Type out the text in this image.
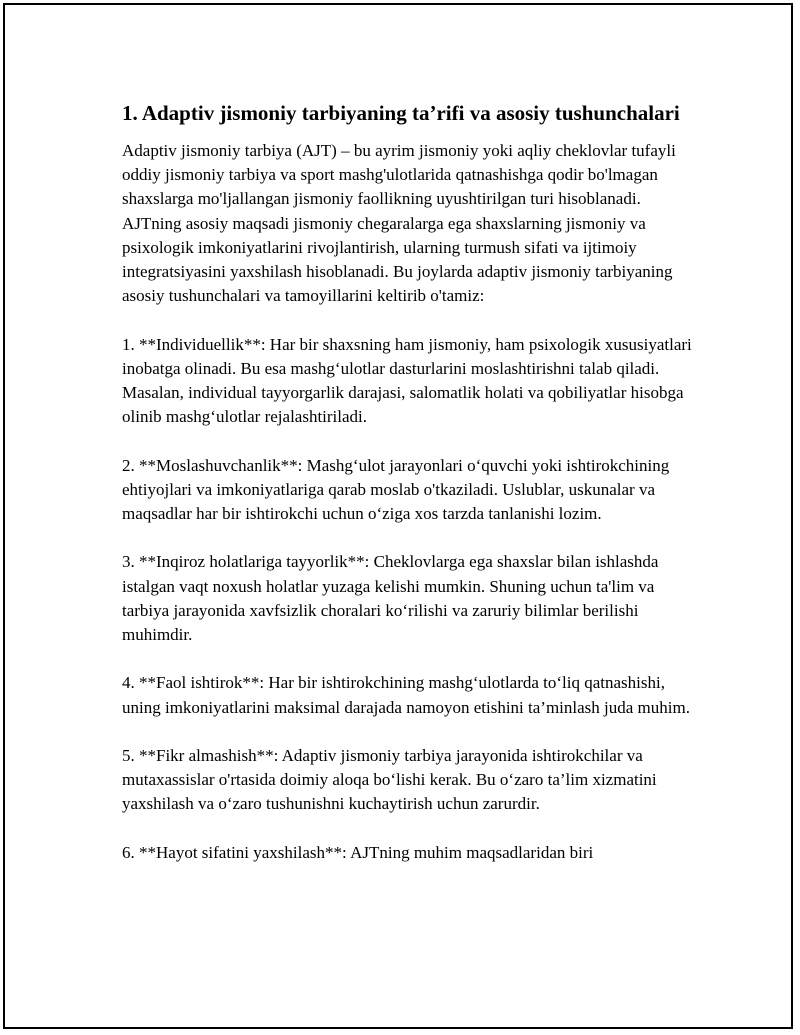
1. Adaptiv jismoniy tarbiyaning ta’rifi va asosiy tushunchalari

Adaptiv jismoniy tarbiya (AJT) – bu ayrim jismoniy yoki aqliy cheklovlar tufayli oddiy jismoniy tarbiya va sport mashg'ulotlarida qatnashishga qodir bo'lmagan shaxslarga mo'ljallangan jismoniy faollikning uyushtirilgan turi hisoblanadi. AJTning asosiy maqsadi jismoniy chegaralarga ega shaxslarning jismoniy va psixologik imkoniyatlarini rivojlantirish, ularning turmush sifati va ijtimoiy integratsiyasini yaxshilash hisoblanadi. Bu joylarda adaptiv jismoniy tarbiyaning asosiy tushunchalari va tamoyillarini keltirib o'tamiz:

1. **Individuellik**: Har bir shaxsning ham jismoniy, ham psixologik xususiyatlari inobatga olinadi. Bu esa mashg‘ulotlar dasturlarini moslashtirishni talab qiladi. Masalan, individual tayyorgarlik darajasi, salomatlik holati va qobiliyatlar hisobga olinib mashg‘ulotlar rejalashtiriladi.

2. **Moslashuvchanlik**: Mashg‘ulot jarayonlari o‘quvchi yoki ishtirokchining ehtiyojlari va imkoniyatlariga qarab moslab o'tkaziladi. Uslublar, uskunalar va maqsadlar har bir ishtirokchi uchun o‘ziga xos tarzda tanlanishi lozim.

3. **Inqiroz holatlariga tayyorlik**: Cheklovlarga ega shaxslar bilan ishlashda istalgan vaqt noxush holatlar yuzaga kelishi mumkin. Shuning uchun ta'lim va tarbiya jarayonida xavfsizlik choralari ko‘rilishi va zaruriy bilimlar berilishi muhimdir.

4. **Faol ishtirok**: Har bir ishtirokchining mashg‘ulotlarda to‘liq qatnashishi, uning imkoniyatlarini maksimal darajada namoyon etishini ta’minlash juda muhim.

5. **Fikr almashish**: Adaptiv jismoniy tarbiya jarayonida ishtirokchilar va mutaxassislar o'rtasida doimiy aloqa bo‘lishi kerak. Bu o‘zaro ta’lim xizmatini yaxshilash va o‘zaro tushunishni kuchaytirish uchun zarurdir.

6. **Hayot sifatini yaxshilash**: AJTning muhim maqsadlaridan biri
